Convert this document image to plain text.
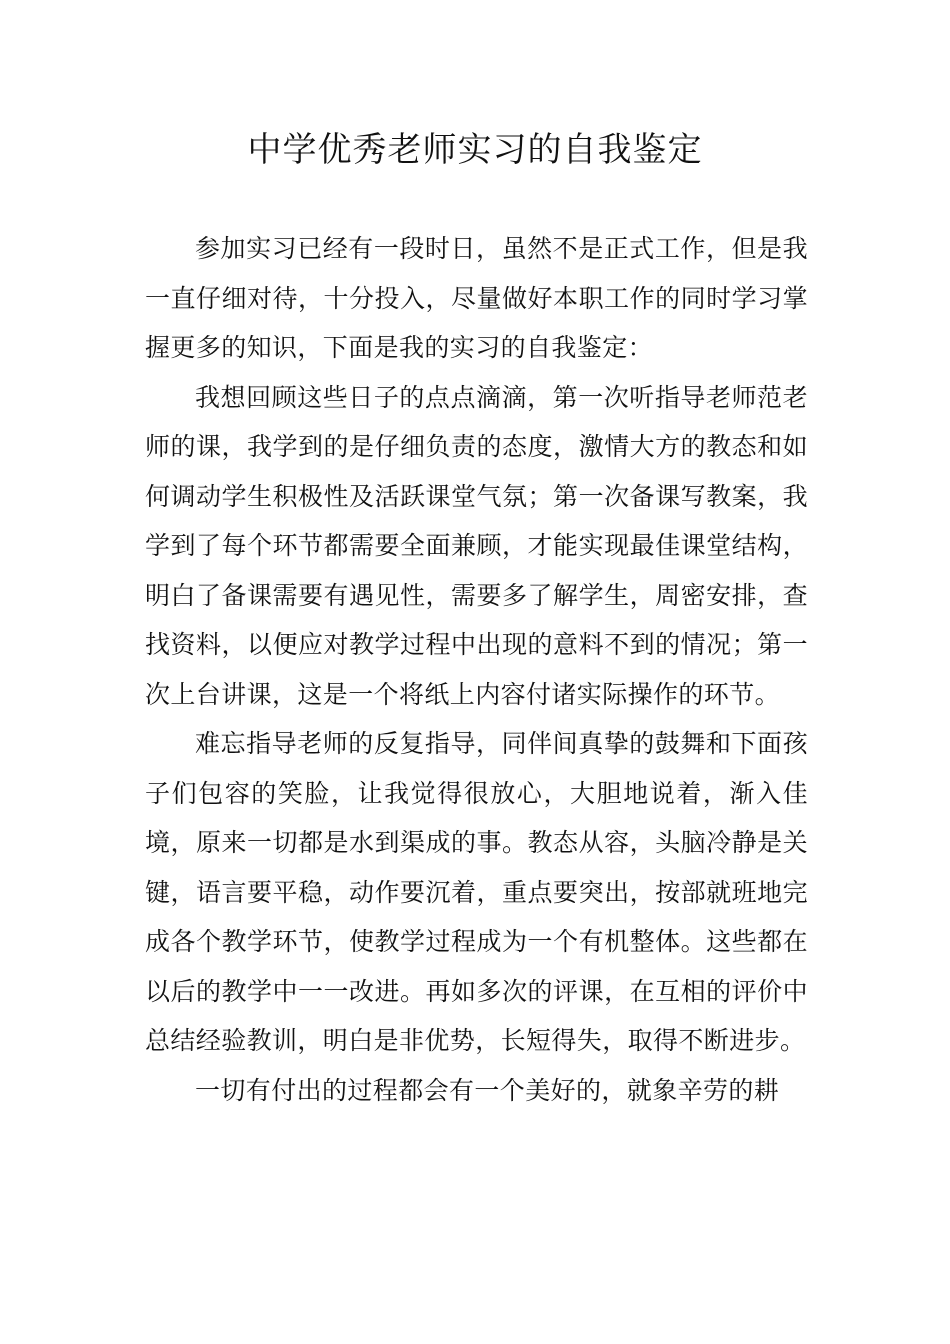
中学优秀老师实习的自我鉴定

参加实习已经有一段时日，虽然不是正式工作，但是我一直仔细对待，十分投入，尽量做好本职工作的同时学习掌握更多的知识，下面是我的实习的自我鉴定：

我想回顾这些日子的点点滴滴，第一次听指导老师范老师的课，我学到的是仔细负责的态度，激情大方的教态和如何调动学生积极性及活跃课堂气氛；第一次备课写教案，我学到了每个环节都需要全面兼顾，才能实现最佳课堂结构，明白了备课需要有遇见性，需要多了解学生，周密安排，查找资料，以便应对教学过程中出现的意料不到的情况；第一次上台讲课，这是一个将纸上内容付诸实际操作的环节。

难忘指导老师的反复指导，同伴间真挚的鼓舞和下面孩子们包容的笑脸，让我觉得很放心，大胆地说着，渐入佳境，原来一切都是水到渠成的事。教态从容，头脑冷静是关键，语言要平稳，动作要沉着，重点要突出，按部就班地完成各个教学环节，使教学过程成为一个有机整体。这些都在以后的教学中一一改进。再如多次的评课，在互相的评价中总结经验教训，明白是非优势，长短得失，取得不断进步。

一切有付出的过程都会有一个美好的，就象辛劳的耕
